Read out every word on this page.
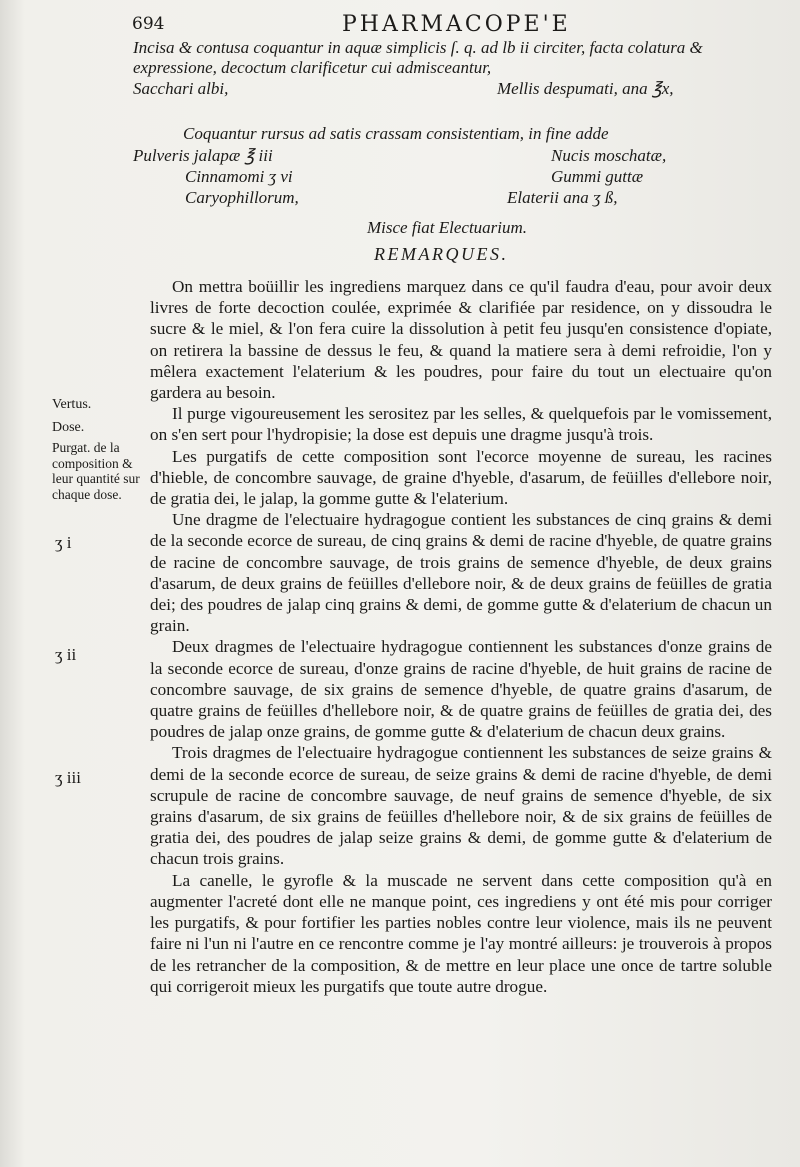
694	PHARMACOPE'E
Incisa & contusa coquantur in aquæ simplicis ſ. q. ad lb ii circiter, facta colatura &
expressione, decoctum clarificetur cui admisceantur,
Sacchari albi,	Mellis despumati, ana ℥x,
Coquantur rursus ad satis crassam consistentiam, in fine adde
Pulveris jalapæ ℥ iii	Nucis moschatæ,
Cinnamomi ʒ vi	Gummi guttæ
Caryophillorum,	Elaterii ana ʒ ß,
Misce fiat Electuarium.
REMARQUES.
Vertus.
Dose.
Purgat. de la composition & leur quantité sur chaque dose.
ʒ i
ʒ ii
ʒ iii

On mettra boüillir les ingrediens marquez dans ce qu'il faudra d'eau, pour avoir deux livres de forte decoction coulée, exprimée & clarifiée par residence, on y dissoudra le sucre & le miel, & l'on fera cuire la dissolution à petit feu jusqu'en consistence d'opiate, on retirera la bassine de dessus le feu, & quand la matiere sera à demi refroidie, l'on y mêlera exactement l'elaterium & les poudres, pour faire du tout un electuaire qu'on gardera au besoin.

Il purge vigoureusement les serositez par les selles, & quelquefois par le vomissement, on s'en sert pour l'hydropisie; la dose est depuis une dragme jusqu'à trois.

Les purgatifs de cette composition sont l'ecorce moyenne de sureau, les racines d'hieble, de concombre sauvage, de graine d'hyeble, d'asarum, de feüilles d'ellebore noir, de gratia dei, le jalap, la gomme gutte & l'elaterium.

Une dragme de l'electuaire hydragogue contient les substances de cinq grains & demi de la seconde ecorce de sureau, de cinq grains & demi de racine d'hyeble, de quatre grains de racine de concombre sauvage, de trois grains de semence d'hyeble, de deux grains d'asarum, de deux grains de feüilles d'ellebore noir, & de deux grains de feüilles de gratia dei; des poudres de jalap cinq grains & demi, de gomme gutte & d'elaterium de chacun un grain.

Deux dragmes de l'electuaire hydragogue contiennent les substances d'onze grains de la seconde ecorce de sureau, d'onze grains de racine d'hyeble, de huit grains de racine de concombre sauvage, de six grains de semence d'hyeble, de quatre grains d'asarum, de quatre grains de feüilles d'hellebore noir, & de quatre grains de feüilles de gratia dei, des poudres de jalap onze grains, de gomme gutte & d'elaterium de chacun deux grains.

Trois dragmes de l'electuaire hydragogue contiennent les substances de seize grains & demi de la seconde ecorce de sureau, de seize grains & demi de racine d'hyeble, de demi scrupule de racine de concombre sauvage, de neuf grains de semence d'hyeble, de six grains d'asarum, de six grains de feüilles d'hellebore noir, & de six grains de feüilles de gratia dei, des poudres de jalap seize grains & demi, de gomme gutte & d'elaterium de chacun trois grains.

La canelle, le gyrofle & la muscade ne servent dans cette composition qu'à en augmenter l'acreté dont elle ne manque point, ces ingrediens y ont été mis pour corriger les purgatifs, & pour fortifier les parties nobles contre leur violence, mais ils ne peuvent faire ni l'un ni l'autre en ce rencontre comme je l'ay montré ailleurs: je trouverois à propos de les retrancher de la composition, & de mettre en leur place une once de tartre soluble qui corrigeroit mieux les purgatifs que toute autre drogue.
